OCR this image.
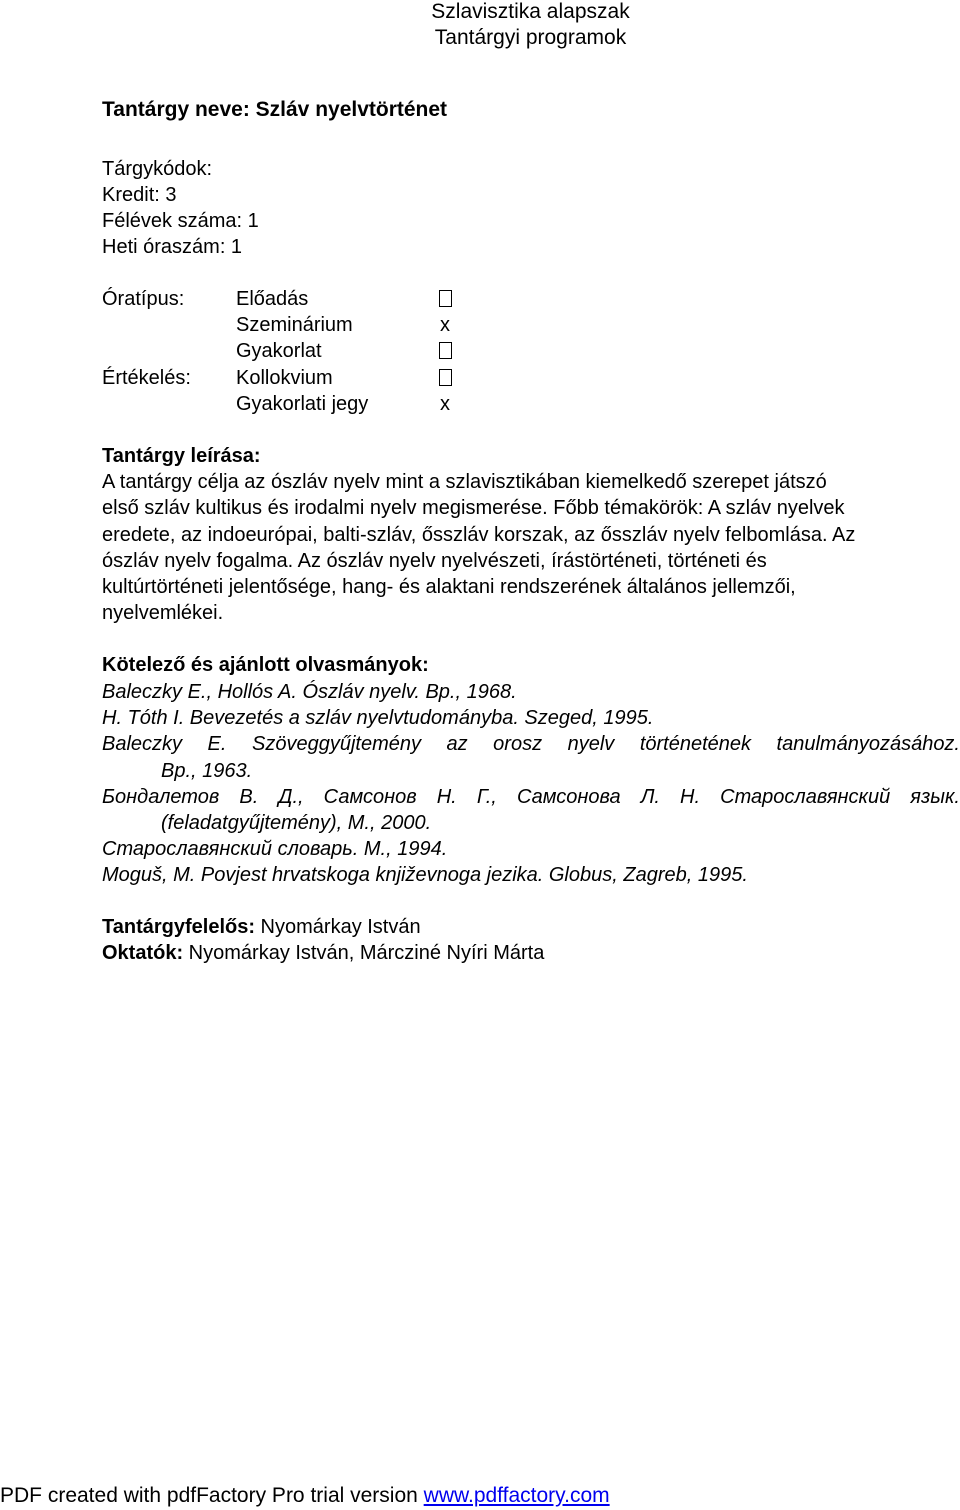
Szlavisztika alapszak
Tantárgyi programok
Tantárgy neve: Szláv nyelvtörténet
Tárgykódok:
Kredit: 3
Félévek száma: 1
Heti óraszám: 1
Óratípus:	Előadás
Szeminárium	x
Gyakorlat
Értékelés: Kollokvium
Gyakorlati jegy	x
Tantárgy leírása:
A tantárgy célja az ószláv nyelv mint a szlavisztikában kiemelkedő szerepet játszó
első szláv kultikus és irodalmi nyelv megismerése. Főbb témakörök: A szláv nyelvek
eredete, az indoeurópai, balti-szláv, ősszláv korszak, az ősszláv nyelv felbomlása. Az
ószláv nyelv fogalma. Az ószláv nyelv nyelvészeti, írástörténeti, történeti és
kultúrtörténeti jelentősége, hang- és alaktani rendszerének általános jellemzői,
nyelvemlékei.
Kötelező és ajánlott olvasmányok:
Baleczky E., Hollós A. Ószláv nyelv. Bp., 1968.
H. Tóth I. Bevezetés a szláv nyelvtudományba. Szeged, 1995.
Baleczky E. Szöveggyűjtemény az orosz nyelv történetének tanulmányozásához.
Bp., 1963.
Бондалетов В. Д., Самсонов Н. Г., Самсонова Л. Н. Старославянский язык.
(feladatgyűjtemény), М., 2000.
Старославянский словарь. М., 1994.
Moguš, M. Povjest hrvatskoga književnoga jezika. Globus, Zagreb, 1995.
Tantárgyfelelős: Nyomárkay István
Oktatók: Nyomárkay István, Márcziné Nyíri Márta
PDF created with pdfFactory Pro trial version www.pdffactory.com
